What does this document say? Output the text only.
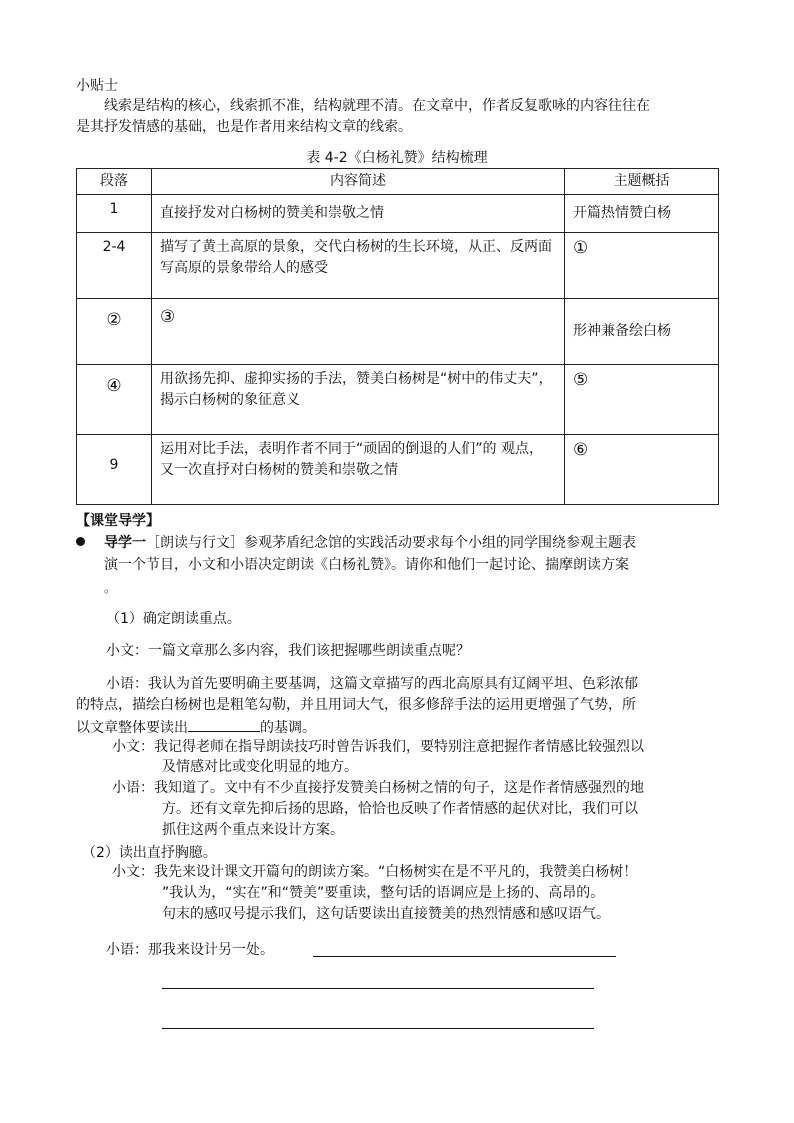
小贴士
线索是结构的核心，线索抓不准，结构就理不清。在文章中，作者反复歌咏的内容往往在
是其抒发情感的基础，也是作者用来结构文章的线索。
表 4-2《白杨礼赞》结构梳理
段落	内容简述	主题概括
1	直接抒发对白杨树的赞美和崇敬之情	开篇热情赞白杨
2-4	描写了黄土高原的景象，交代白杨树的生长环境，从正、反两面写高原的景象带给人的感受	①
②	③	形神兼备绘白杨
④	用欲扬先抑、虚抑实扬的手法，赞美白杨树是“树中的伟丈夫”，揭示白杨树的象征意义	⑤
9	运用对比手法，表明作者不同于“顽固的倒退的人们”的 观点，又一次直抒对白杨树的赞美和崇敬之情	⑥
【课堂导学】
导学一［朗读与行文］参观茅盾纪念馆的实践活动要求每个小组的同学围绕参观主题表
演一个节目，小文和小语决定朗读《白杨礼赞》。请你和他们一起讨论、揣摩朗读方案
。
（1）确定朗读重点。
小文：一篇文章那么多内容，我们该把握哪些朗读重点呢？
小语：我认为首先要明确主要基调，这篇文章描写的西北高原具有辽阔平坦、色彩浓郁
的特点，描绘白杨树也是粗笔勾勒，并且用词大气，很多修辞手法的运用更增强了气势，所
以文章整体要读出	的基调。
小文：我记得老师在指导朗读技巧时曾告诉我们，要特别注意把握作者情感比较强烈以
及情感对比或变化明显的地方。
小语：我知道了。文中有不少直接抒发赞美白杨树之情的句子，这是作者情感强烈的地
方。还有文章先抑后扬的思路，恰恰也反映了作者情感的起伏对比，我们可以
抓住这两个重点来设计方案。
（2）读出直抒胸臆。
小文：我先来设计课文开篇句的朗读方案。“白杨树实在是不平凡的，我赞美白杨树！
”我认为，“实在”和“赞美”要重读，整句话的语调应是上扬的、高昂的。
句末的感叹号提示我们，这句话要读出直接赞美的热烈情感和感叹语气。
小语：那我来设计另一处。
